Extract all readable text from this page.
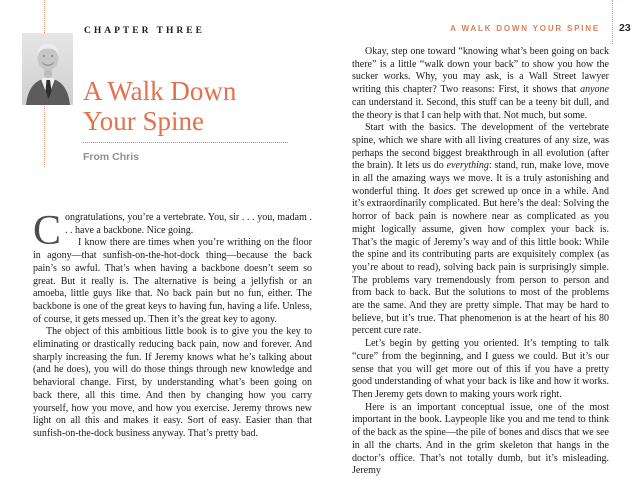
CHAPTER THREE
A Walk Down
Your Spine
From Chris

Congratulations, you’re a vertebrate. You, sir . . . you, madam . . . have a backbone. Nice going.

I know there are times when you’re writhing on the floor in agony—that sunfish-on-the-hot-dock thing—because the back pain’s so awful. That’s when having a backbone doesn’t seem so great. But it really is. The alternative is being a jellyfish or an amoeba, little guys like that. No back pain but no fun, either. The backbone is one of the great keys to having fun, having a life. Unless, of course, it gets messed up. Then it’s the great key to agony.

The object of this ambitious little book is to give you the key to eliminating or drastically reducing back pain, now and forever. And sharply increasing the fun. If Jeremy knows what he’s talking about (and he does), you will do those things through new knowledge and behavioral change. First, by understanding what’s been going on back there, all this time. And then by changing how you carry yourself, how you move, and how you exercise. Jeremy throws new light on all this and makes it easy. Sort of easy. Easier than that sunfish-on-the-dock business anyway. That’s pretty bad.

A WALK DOWN YOUR SPINE 23

Okay, step one toward “knowing what’s been going on back there” is a little “walk down your back” to show you how the sucker works. Why, you may ask, is a Wall Street lawyer writing this chapter? Two reasons: First, it shows that anyone can understand it. Second, this stuff can be a teeny bit dull, and the theory is that I can help with that. Not much, but some.

Start with the basics. The development of the vertebrate spine, which we share with all living creatures of any size, was perhaps the second biggest breakthrough in all evolution (after the brain). It lets us do everything: stand, run, make love, move in all the amazing ways we move. It is a truly astonishing and wonderful thing. It does get screwed up once in a while. And it’s extraordinarily complicated. But here’s the deal: Solving the horror of back pain is nowhere near as complicated as you might logically assume, given how complex your back is. That’s the magic of Jeremy’s way and of this little book: While the spine and its contributing parts are exquisitely complex (as you’re about to read), solving back pain is surprisingly simple. The problems vary tremendously from person to person and from back to back. But the solutions to most of the problems are the same. And they are pretty simple. That may be hard to believe, but it’s true. That phenomenon is at the heart of his 80 percent cure rate.

Let’s begin by getting you oriented. It’s tempting to talk “cure” from the beginning, and I guess we could. But it’s our sense that you will get more out of this if you have a pretty good understanding of what your back is like and how it works. Then Jeremy gets down to making yours work right.

Here is an important conceptual issue, one of the most important in the book. Laypeople like you and me tend to think of the back as the spine—the pile of bones and discs that we see in all the charts. And in the grim skeleton that hangs in the doctor’s office. That’s not totally dumb, but it’s misleading. Jeremy
